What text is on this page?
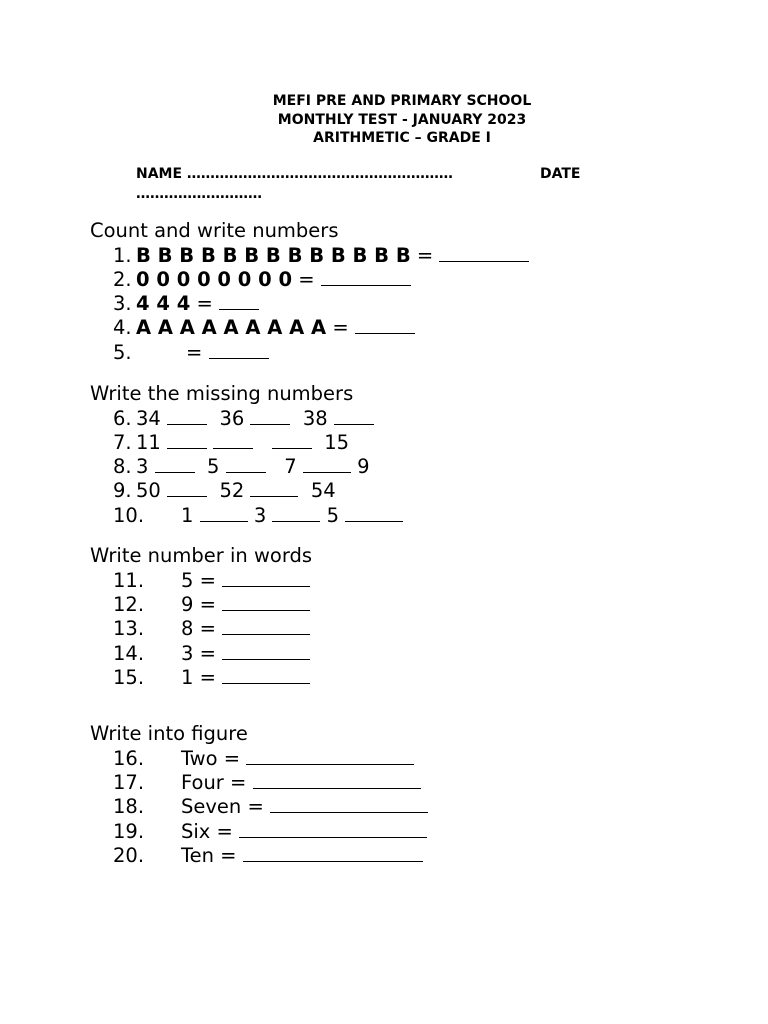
MEFI PRE AND PRIMARY SCHOOL
MONTHLY TEST - JANUARY 2023
ARITHMETIC – GRADE I
NAME …………………………………………………	DATE
………………………
Count and write numbers
1. B B B B B B B B B B B B B =
2. 0 0 0 0 0 0 0 0 =
3. 4 4 4 =
4. A A A A A A A A A =
5.	=
Write the missing numbers
6. 34	36	38
7. 11	15
8. 3	5	7	9
9. 50	52	54
10. 1	3	5
Write number in words
11. 5 =
12. 9 =
13. 8 =
14. 3 =
15. 1 =
Write into figure
16. Two =
17. Four =
18. Seven =
19. Six =
20. Ten =
